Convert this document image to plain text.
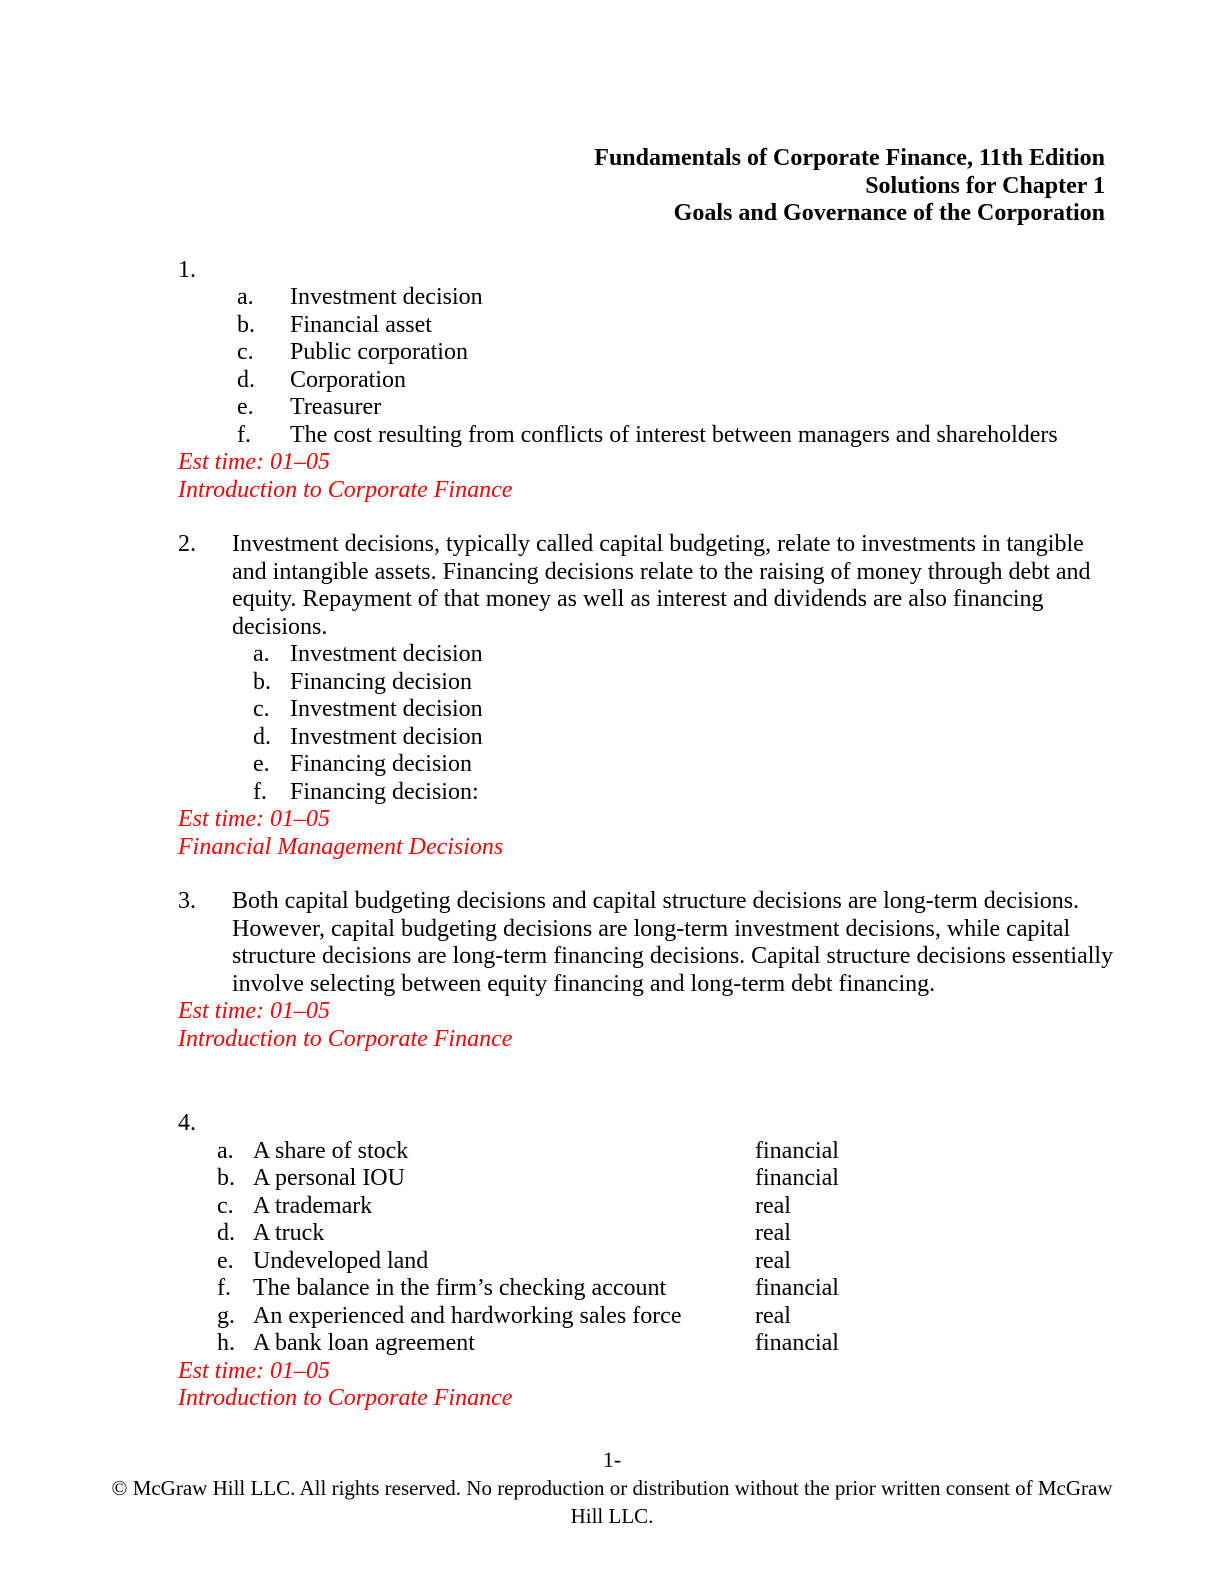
Fundamentals of Corporate Finance, 11th Edition
Solutions for Chapter 1
Goals and Governance of the Corporation
1.
a. Investment decision
b. Financial asset
c. Public corporation
d. Corporation
e. Treasurer
f. The cost resulting from conflicts of interest between managers and shareholders
Est time: 01–05
Introduction to Corporate Finance
2.	Investment decisions, typically called capital budgeting, relate to investments in tangible and intangible assets. Financing decisions relate to the raising of money through debt and equity. Repayment of that money as well as interest and dividends are also financing decisions.
a. Investment decision
b. Financing decision
c. Investment decision
d. Investment decision
e. Financing decision
f. Financing decision:
Est time: 01–05
Financial Management Decisions
3.	Both capital budgeting decisions and capital structure decisions are long-term decisions. However, capital budgeting decisions are long-term investment decisions, while capital structure decisions are long-term financing decisions. Capital structure decisions essentially involve selecting between equity financing and long-term debt financing.
Est time: 01–05
Introduction to Corporate Finance
4.
a. A share of stock	financial
b. A personal IOU	financial
c. A trademark	real
d. A truck	real
e. Undeveloped land	real
f. The balance in the firm’s checking account	financial
g. An experienced and hardworking sales force	real
h. A bank loan agreement	financial
Est time: 01–05
Introduction to Corporate Finance
1-
© McGraw Hill LLC. All rights reserved. No reproduction or distribution without the prior written consent of McGraw Hill LLC.
